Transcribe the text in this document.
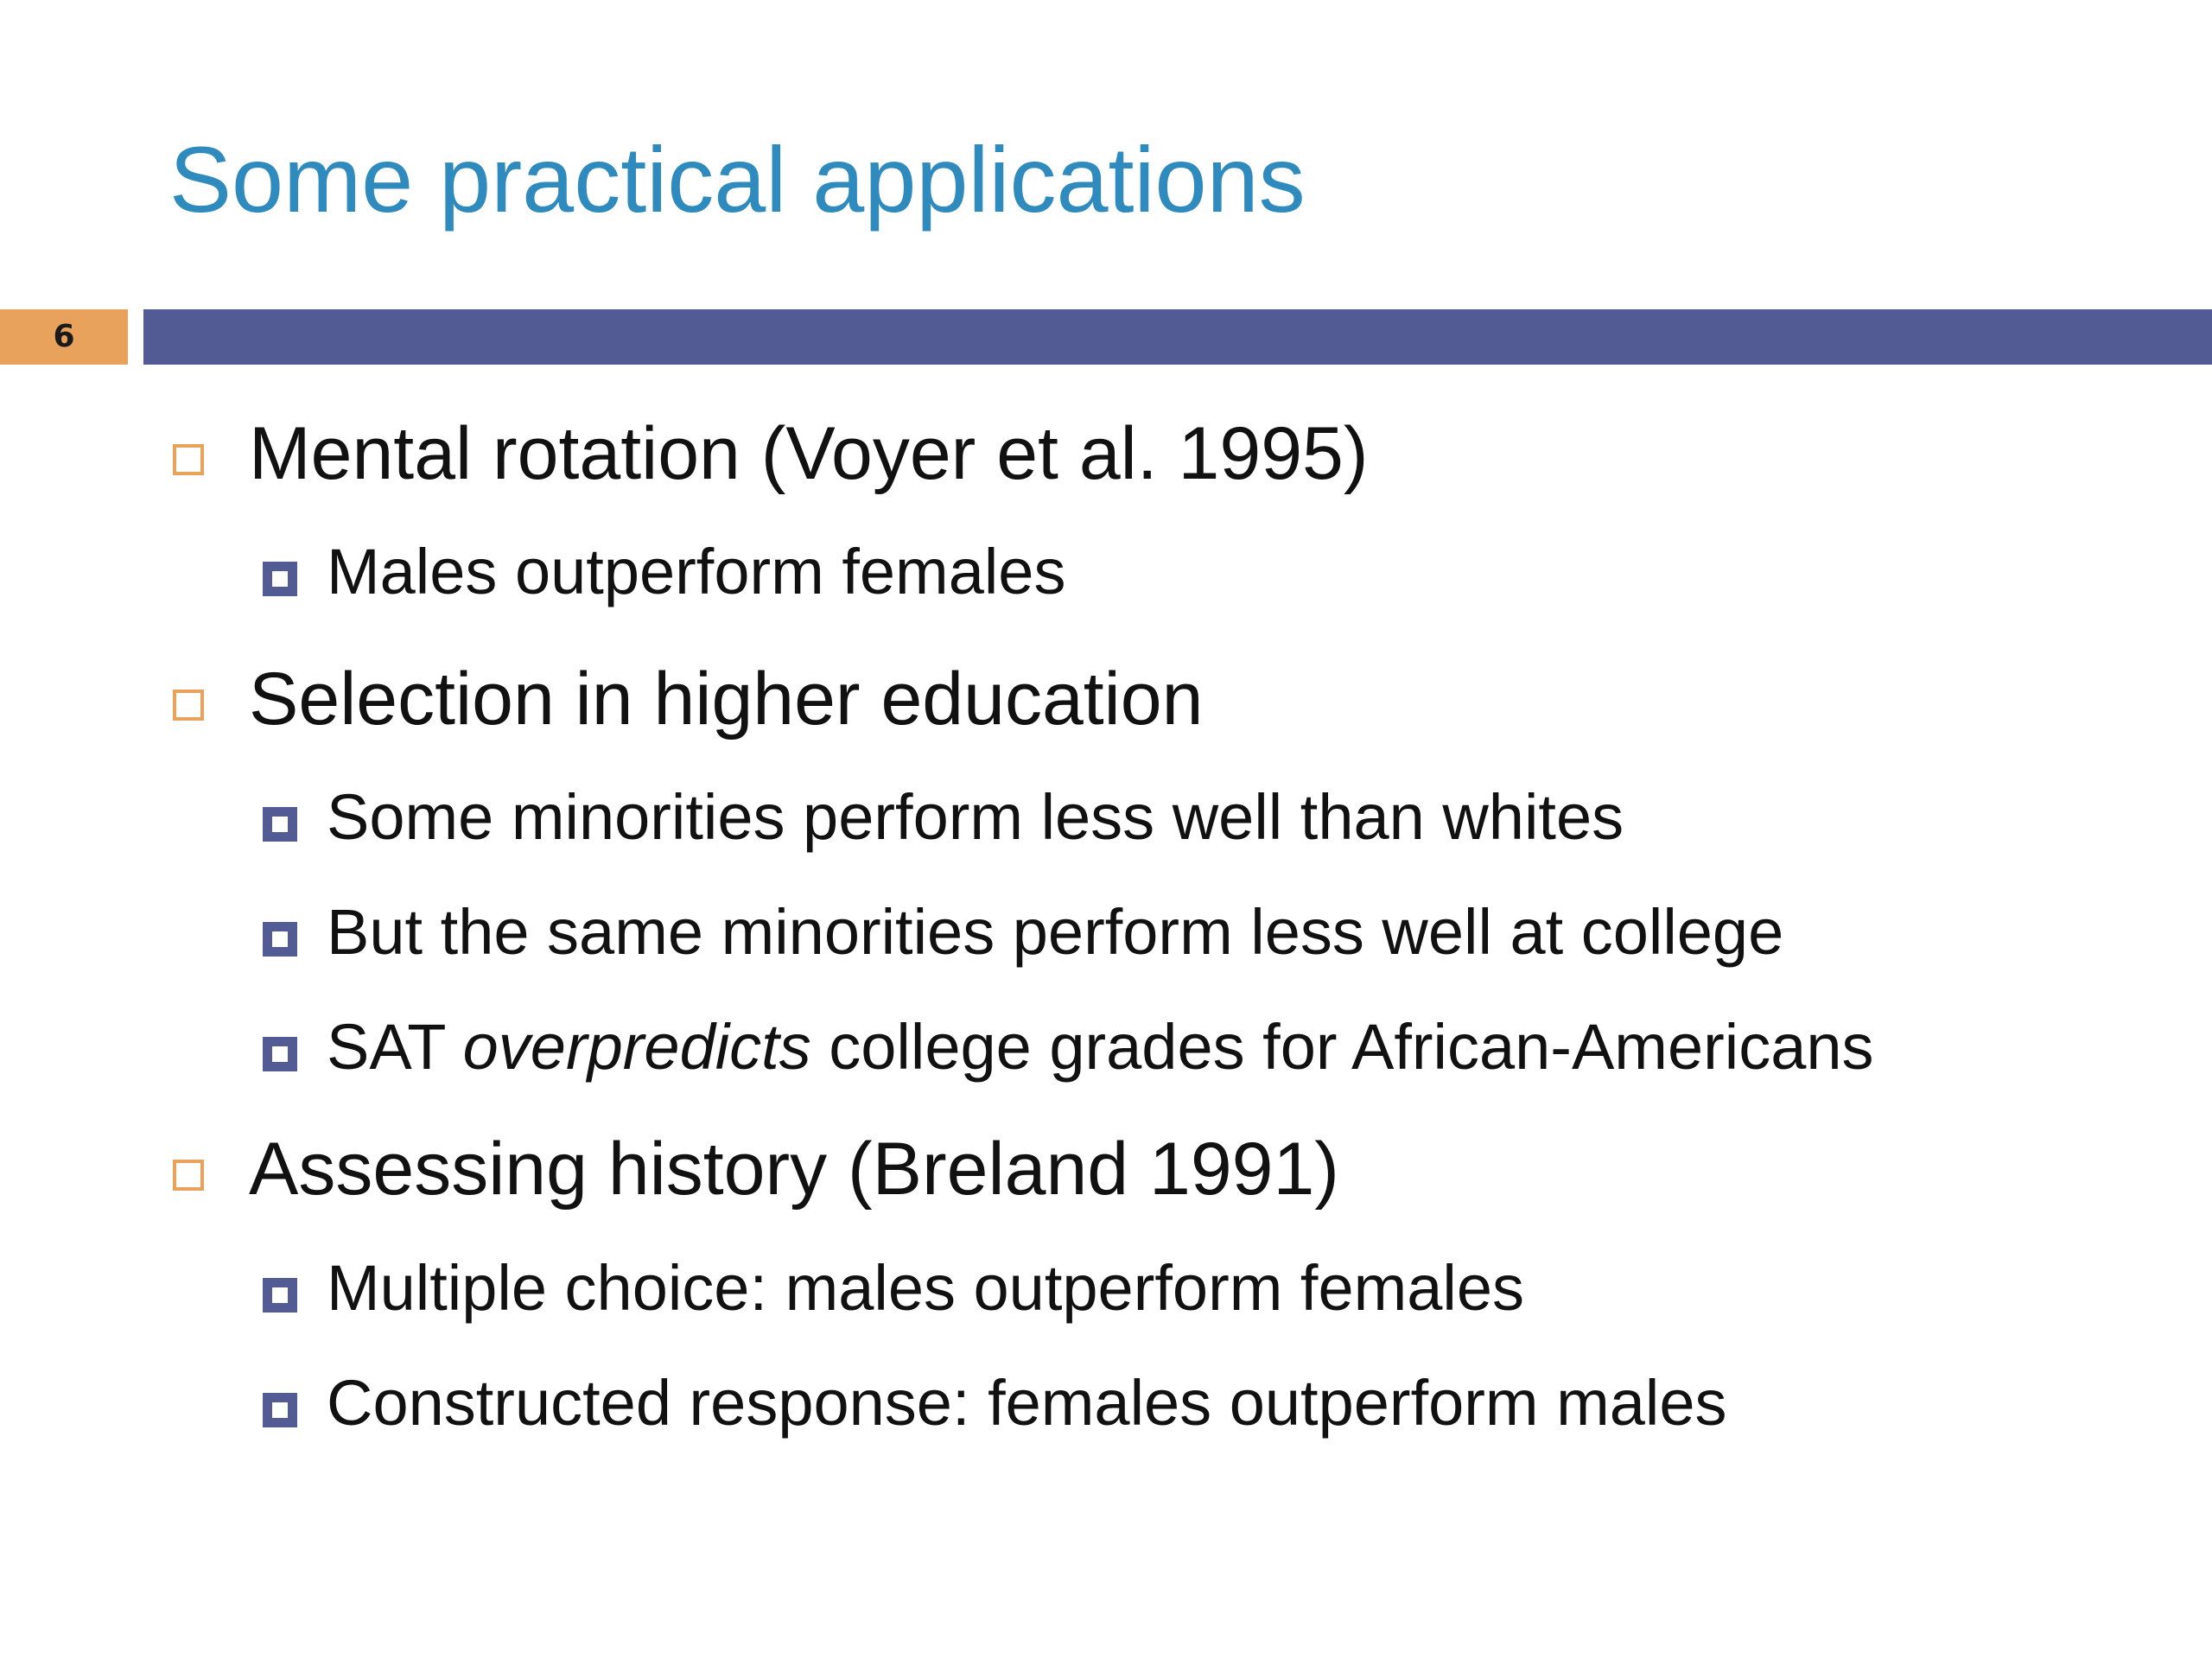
Some practical applications
6
Mental rotation (Voyer et al. 1995)
Males outperform females
Selection in higher education
Some minorities perform less well than whites
But the same minorities perform less well at college
SAT overpredicts college grades for African-Americans
Assessing history (Breland 1991)
Multiple choice: males outperform females
Constructed response: females outperform males
